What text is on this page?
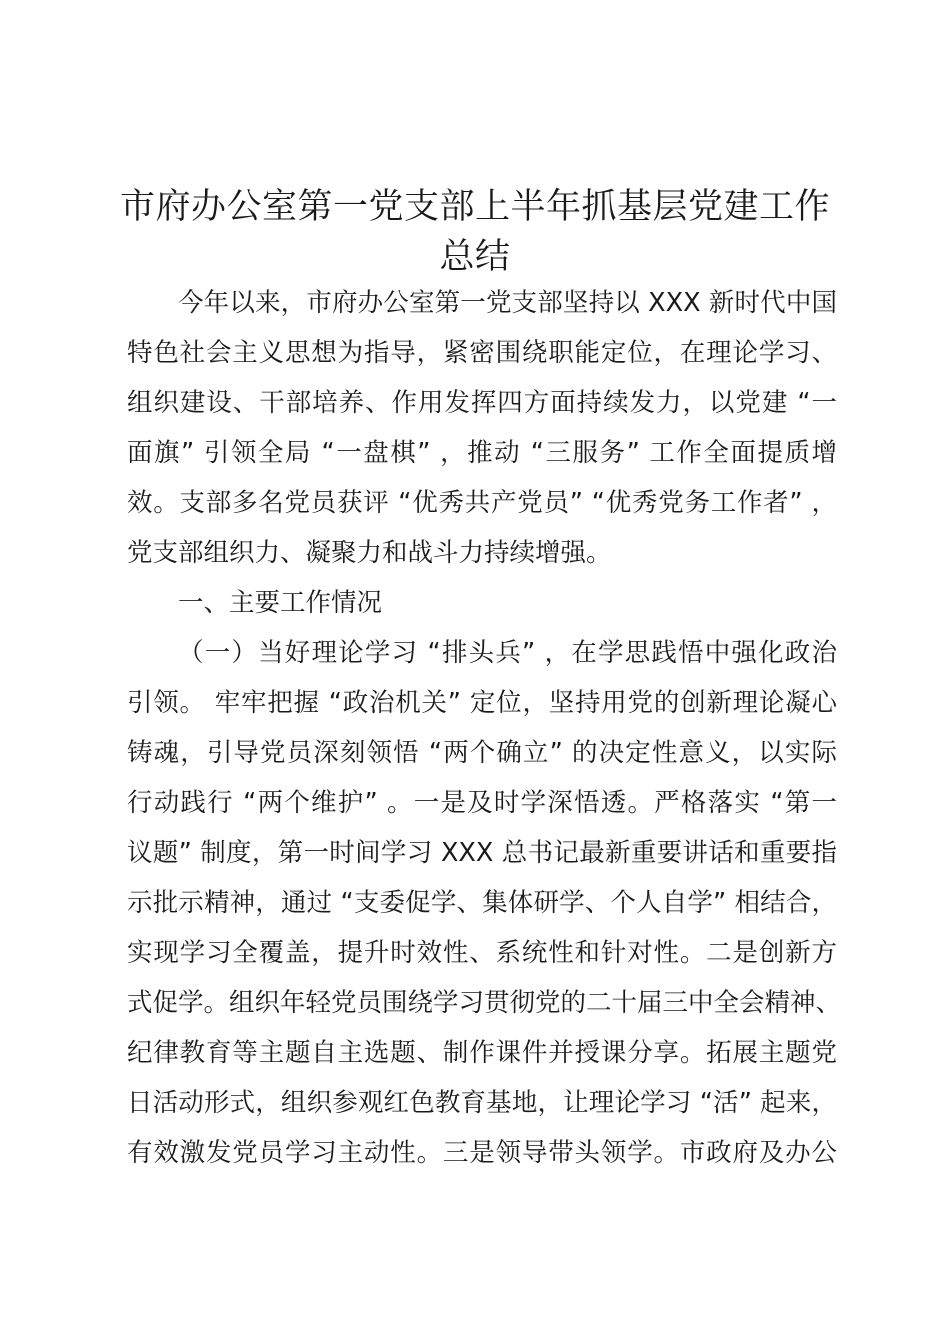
市府办公室第一党支部上半年抓基层党建工作
总结

今年以来，市府办公室第一党支部坚持以 XXX 新时代中国

特色社会主义思想为指导，紧密围绕职能定位，在理论学习、

组织建设、干部培养、作用发挥四方面持续发力，以党建 “一

面旗” 引领全局 “一盘棋” ，推动 “三服务” 工作全面提质增

效。支部多名党员获评 “优秀共产党员” “优秀党务工作者” ，

党支部组织力、凝聚力和战斗力持续增强。

一、主要工作情况

（一）当好理论学习 “排头兵” ，在学思践悟中强化政治

引领。 牢牢把握 “政治机关” 定位，坚持用党的创新理论凝心

铸魂，引导党员深刻领悟 “两个确立” 的决定性意义，以实际

行动践行 “两个维护” 。一是及时学深悟透。严格落实 “第一

议题” 制度，第一时间学习 XXX 总书记最新重要讲话和重要指

示批示精神，通过 “支委促学、集体研学、个人自学” 相结合，

实现学习全覆盖，提升时效性、系统性和针对性。二是创新方

式促学。组织年轻党员围绕学习贯彻党的二十届三中全会精神、

纪律教育等主题自主选题、制作课件并授课分享。拓展主题党

日活动形式，组织参观红色教育基地，让理论学习 “活” 起来，

有效激发党员学习主动性。三是领导带头领学。市政府及办公
